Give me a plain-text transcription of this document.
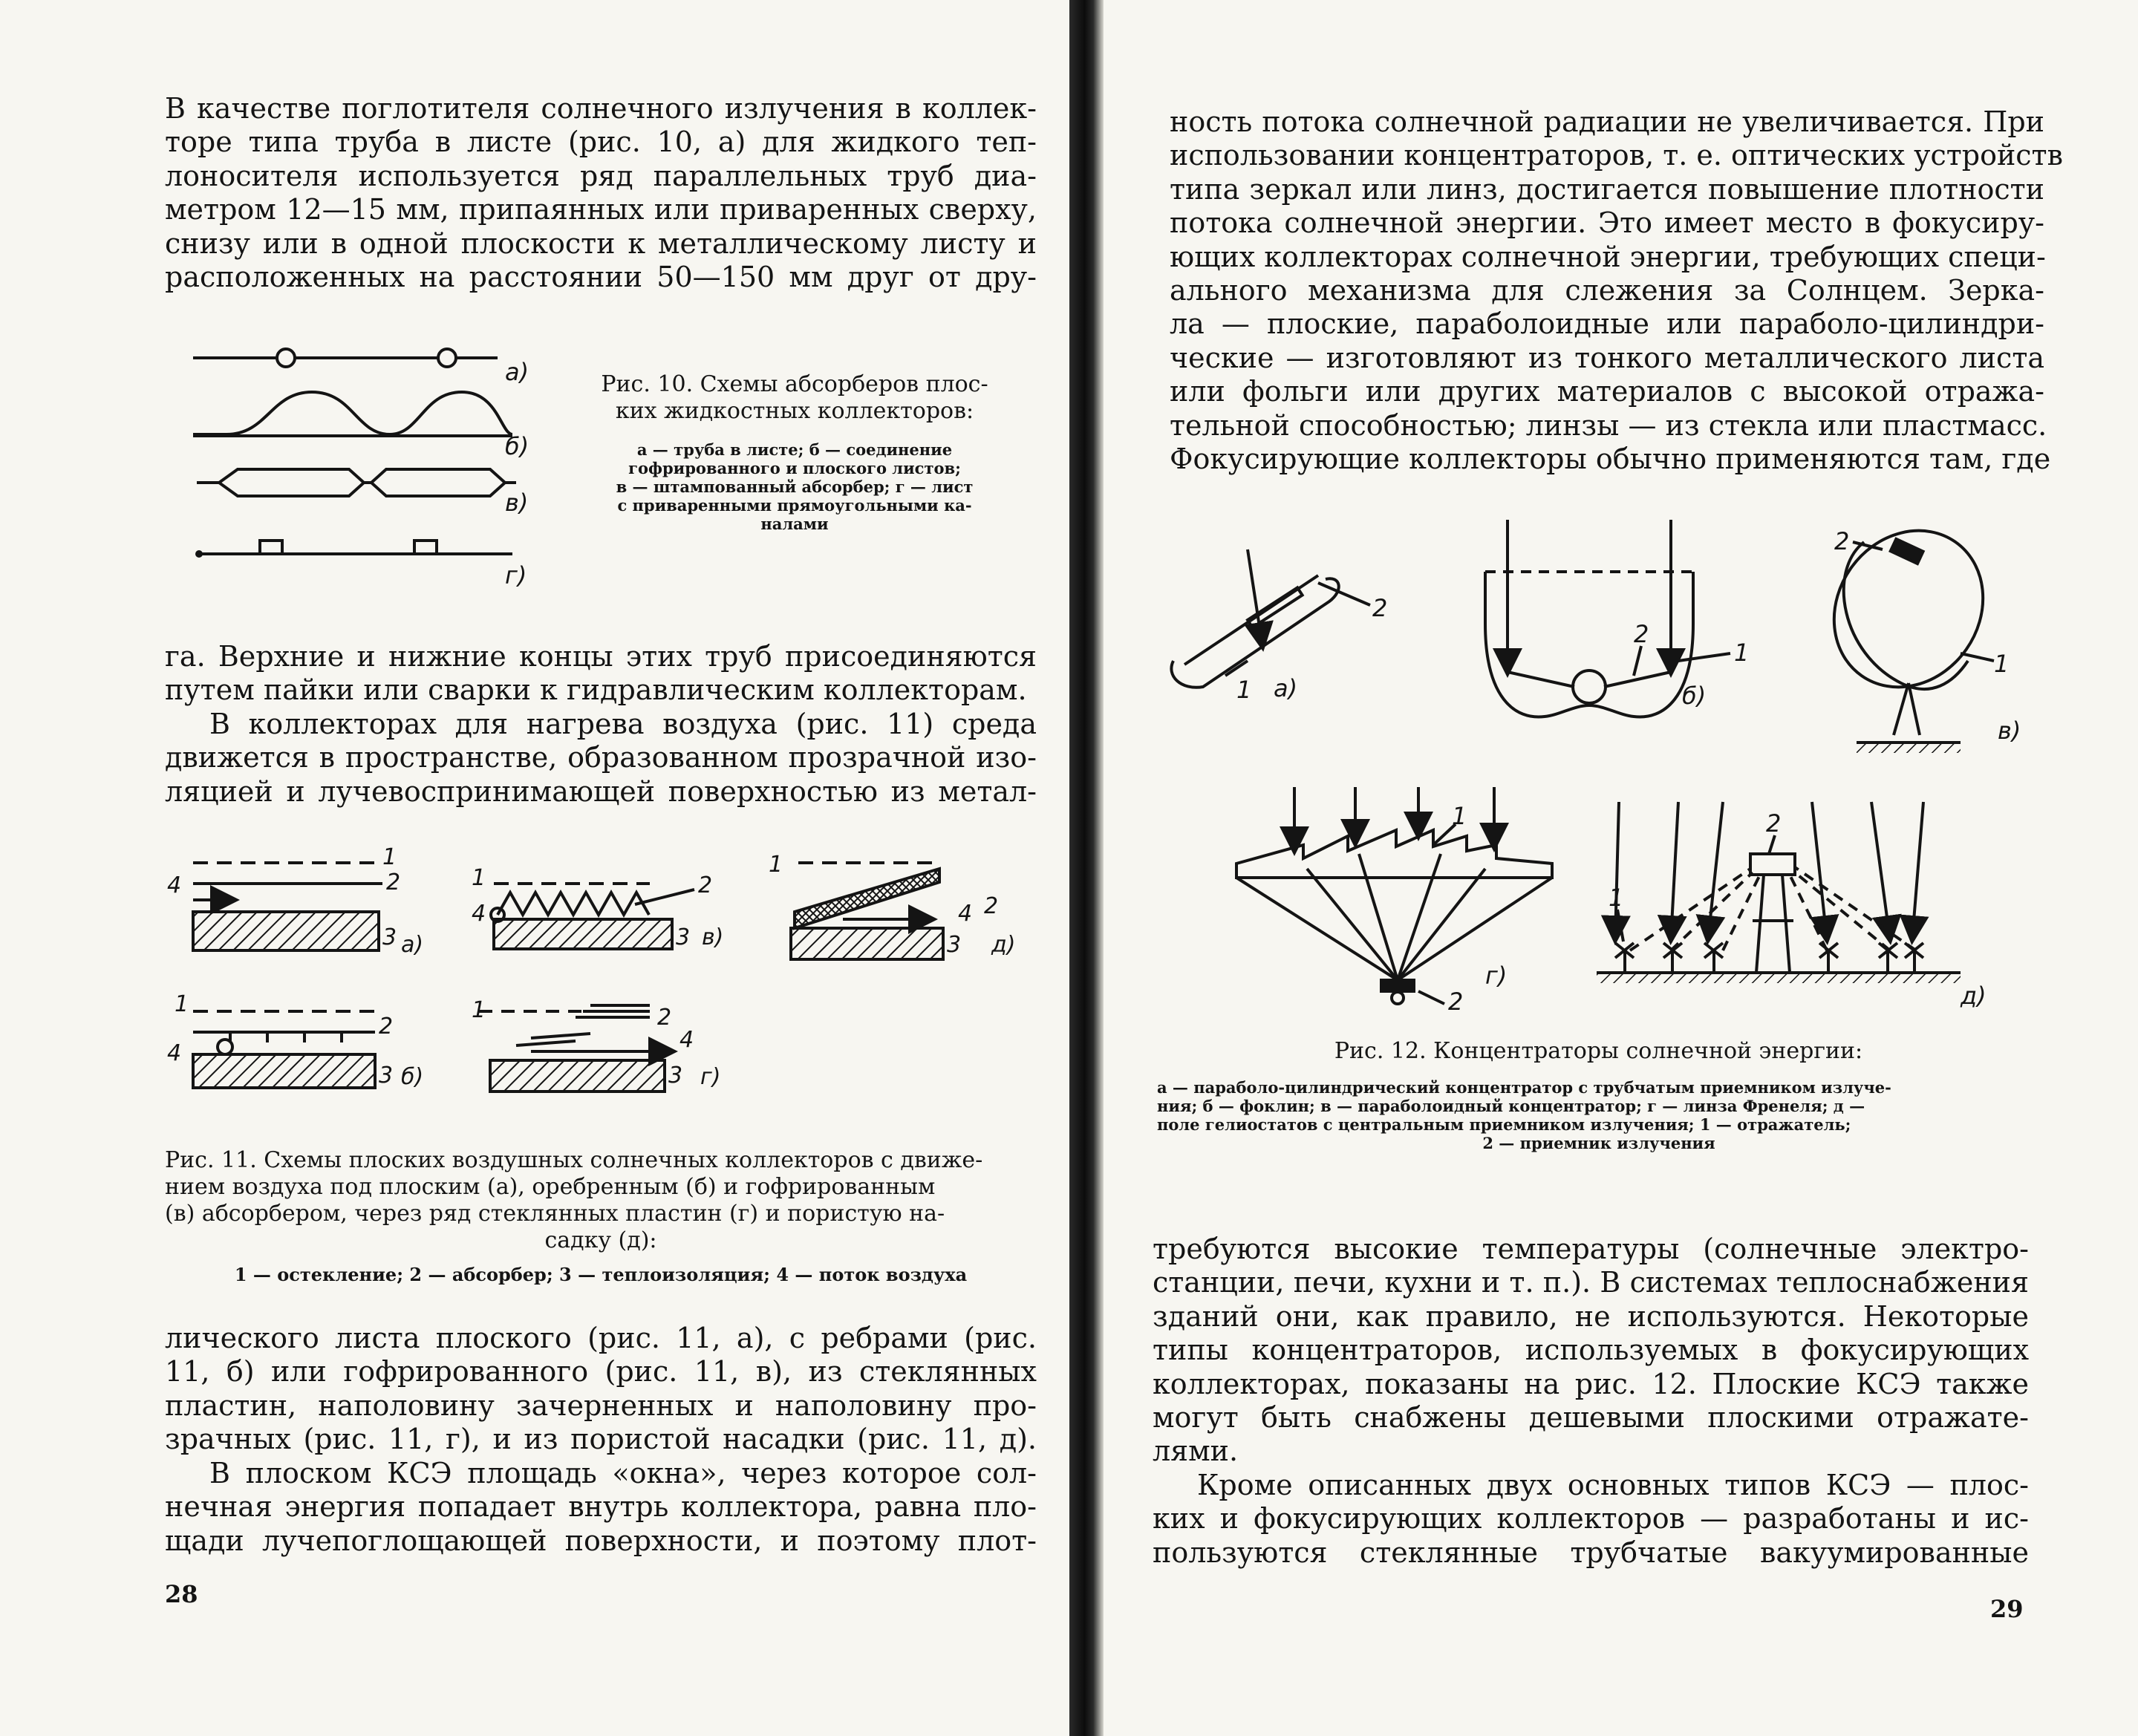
В качестве поглотителя солнечного излучения в коллек-
торе типа труба в листе (рис. 10, а) для жидкого теп-
лоносителя используется ряд параллельных труб диа-
метром 12—15 мм, припаянных или приваренных сверху,
снизу или в одной плоскости к металлическому листу и
расположенных на расстоянии 50—150 мм друг от дру-

а)
б)
в)
г)
Рис. 10. Схемы абсорберов плос-
ких жидкостных коллекторов:
а — труба в листе; б — соединение
гофрированного и плоского листов;
в — штампованный абсорбер; г — лист
с приваренными прямоугольными ка-
налами

га. Верхние и нижние концы этих труб присоединяются
путем пайки или сварки к гидравлическим коллекторам.

В коллекторах для нагрева воздуха (рис. 11) среда
движется в пространстве, образованном прозрачной изо-
ляцией и лучевоспринимающей поверхностью из метал-

1
2
3
4
а)
1
2
3
4
б)
1	2
3
4
в)
1	2
3
4
г)
1
2
3
4
д)
Рис. 11. Схемы плоских воздушных солнечных коллекторов с движе-
нием воздуха под плоским (а), оребренным (б) и гофрированным
(в) абсорбером, через ряд стеклянных пластин (г) и пористую на-
садку (д):
1 — остекление; 2 — абсорбер; 3 — теплоизоляция; 4 — поток воздуха

лического листа плоского (рис. 11, а), с ребрами (рис.
11, б) или гофрированного (рис. 11, в), из стеклянных
пластин, наполовину зачерненных и наполовину про-
зрачных (рис. 11, г), и из пористой насадки (рис. 11, д).

В плоском КСЭ площадь «окна», через которое сол-
нечная энергия попадает внутрь коллектора, равна пло-
щади лучепоглощающей поверхности, и поэтому плот-

28

ность потока солнечной радиации не увеличивается. При
использовании концентраторов, т. е. оптических устройств
типа зеркал или линз, достигается повышение плотности
потока солнечной энергии. Это имеет место в фокусиру-
ющих коллекторах солнечной энергии, требующих специ-
ального механизма для слежения за Солнцем. Зерка-
ла — плоские, параболоидные или параболо-цилиндри-
ческие — изготовляют из тонкого металлического листа
или фольги или других материалов с высокой отража-
тельной способностью; линзы — из стекла или пластмасс.
Фокусирующие коллекторы обычно применяются там, где

а)
1
2
б)
1
2
в)
1
2
г)
1
2	д)
1
2
Рис. 12. Концентраторы солнечной энергии:
а — параболо-цилиндрический концентратор с трубчатым приемником излуче-
ния; б — фоклин; в — параболоидный концентратор; г — линза Френеля; д —
поле гелиостатов с центральным приемником излучения; 1 — отражатель;
2 — приемник излучения

требуются высокие температуры (солнечные электро-
станции, печи, кухни и т. п.). В системах теплоснабжения
зданий они, как правило, не используются. Некоторые
типы концентраторов, используемых в фокусирующих
коллекторах, показаны на рис. 12. Плоские КСЭ также
могут быть снабжены дешевыми плоскими отражате-
лями.

Кроме описанных двух основных типов КСЭ — плос-
ких и фокусирующих коллекторов — разработаны и ис-
пользуются стеклянные трубчатые вакуумированные

29
